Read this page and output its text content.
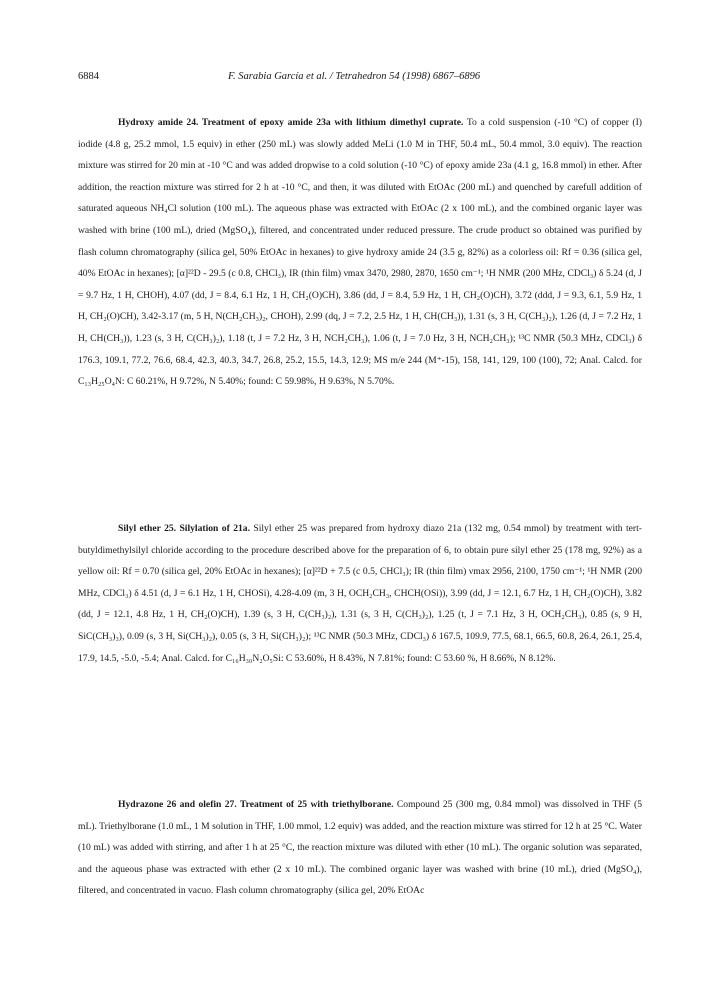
6884	F. Sarabia García et al. / Tetrahedron 54 (1998) 6867–6896

Hydroxy amide 24. Treatment of epoxy amide 23a with lithium dimethyl cuprate. To a cold suspension (-10 °C) of copper (I) iodide (4.8 g, 25.2 mmol, 1.5 equiv) in ether (250 mL) was slowly added MeLi (1.0 M in THF, 50.4 mL, 50.4 mmol, 3.0 equiv). The reaction mixture was stirred for 20 min at -10 °C and was added dropwise to a cold solution (-10 °C) of epoxy amide 23a (4.1 g, 16.8 mmol) in ether. After addition, the reaction mixture was stirred for 2 h at -10 °C, and then, it was diluted with EtOAc (200 mL) and quenched by carefull addition of saturated aqueous NH₄Cl solution (100 mL). The aqueous phase was extracted with EtOAc (2 x 100 mL), and the combined organic layer was washed with brine (100 mL), dried (MgSO₄), filtered, and concentrated under reduced pressure. The crude product so obtained was purified by flash column chromatography (silica gel, 50% EtOAc in hexanes) to give hydroxy amide 24 (3.5 g, 82%) as a colorless oil: Rf = 0.36 (silica gel, 40% EtOAc in hexanes); [α]²²D - 29.5 (c 0.8, CHCl₃), IR (thin film) νmax 3470, 2980, 2870, 1650 cm⁻¹; ¹H NMR (200 MHz, CDCl₃) δ 5.24 (d, J = 9.7 Hz, 1 H, CHOH), 4.07 (dd, J = 8.4, 6.1 Hz, 1 H, CH₂(O)CH), 3.86 (dd, J = 8.4, 5.9 Hz, 1 H, CH₂(O)CH), 3.72 (ddd, J = 9.3, 6.1, 5.9 Hz, 1 H, CH₂(O)CH), 3.42-3.17 (m, 5 H, N(CH₂CH₃)₂, CHOH), 2.99 (dq, J = 7.2, 2.5 Hz, 1 H, CH(CH₃)), 1.31 (s, 3 H, C(CH₃)₂), 1.26 (d, J = 7.2 Hz, 1 H, CH(CH₃)), 1.23 (s, 3 H, C(CH₃)₂), 1.18 (t, J = 7.2 Hz, 3 H, NCH₂CH₃), 1.06 (t, J = 7.0 Hz, 3 H, NCH₂CH₃); ¹³C NMR (50.3 MHz, CDCl₃) δ 176.3, 109.1, 77.2, 76.6, 68.4, 42.3, 40.3, 34.7, 26.8, 25.2, 15.5, 14.3, 12.9; MS m/e 244 (M⁺-15), 158, 141, 129, 100 (100), 72; Anal. Calcd. for C₁₃H₂₅O₄N: C 60.21%, H 9.72%, N 5.40%; found: C 59.98%, H 9.63%, N 5.70%.

Silyl ether 25. Silylation of 21a. Silyl ether 25 was prepared from hydroxy diazo 21a (132 mg, 0.54 mmol) by treatment with tert-butyldimethylsilyl chloride according to the procedure described above for the preparation of 6, to obtain pure silyl ether 25 (178 mg, 92%) as a yellow oil: Rf = 0.70 (silica gel, 20% EtOAc in hexanes); [α]²²D + 7.5 (c 0.5, CHCl₃); IR (thin film) νmax 2956, 2100, 1750 cm⁻¹; ¹H NMR (200 MHz, CDCl₃) δ 4.51 (d, J = 6.1 Hz, 1 H, CHOSi), 4.28-4.09 (m, 3 H, OCH₂CH₃, CHCH(OSi)), 3.99 (dd, J = 12.1, 6.7 Hz, 1 H, CH₂(O)CH), 3.82 (dd, J = 12.1, 4.8 Hz, 1 H, CH₂(O)CH), 1.39 (s, 3 H, C(CH₃)₂), 1.31 (s, 3 H, C(CH₃)₂), 1.25 (t, J = 7.1 Hz, 3 H, OCH₂CH₃), 0.85 (s, 9 H, SiC(CH₃)₃), 0.09 (s, 3 H, Si(CH₃)₂), 0.05 (s, 3 H, Si(CH₃)₂); ¹³C NMR (50.3 MHz, CDCl₃) δ 167.5, 109.9, 77.5, 68.1, 66.5, 60.8, 26.4, 26.1, 25.4, 17.9, 14.5, -5.0, -5.4; Anal. Calcd. for C₁₆H₃₀N₂O₅Si: C 53.60%, H 8.43%, N 7.81%; found: C 53.60 %, H 8.66%, N 8.12%.

Hydrazone 26 and olefin 27. Treatment of 25 with triethylborane. Compound 25 (300 mg, 0.84 mmol) was dissolved in THF (5 mL). Triethylborane (1.0 mL, 1 M solution in THF, 1.00 mmol, 1.2 equiv) was added, and the reaction mixture was stirred for 12 h at 25 °C. Water (10 mL) was added with stirring, and after 1 h at 25 °C, the reaction mixture was diluted with ether (10 mL). The organic solution was separated, and the aqueous phase was extracted with ether (2 x 10 mL). The combined organic layer was washed with brine (10 mL), dried (MgSO₄), filtered, and concentrated in vacuo. Flash column chromatography (silica gel, 20% EtOAc
